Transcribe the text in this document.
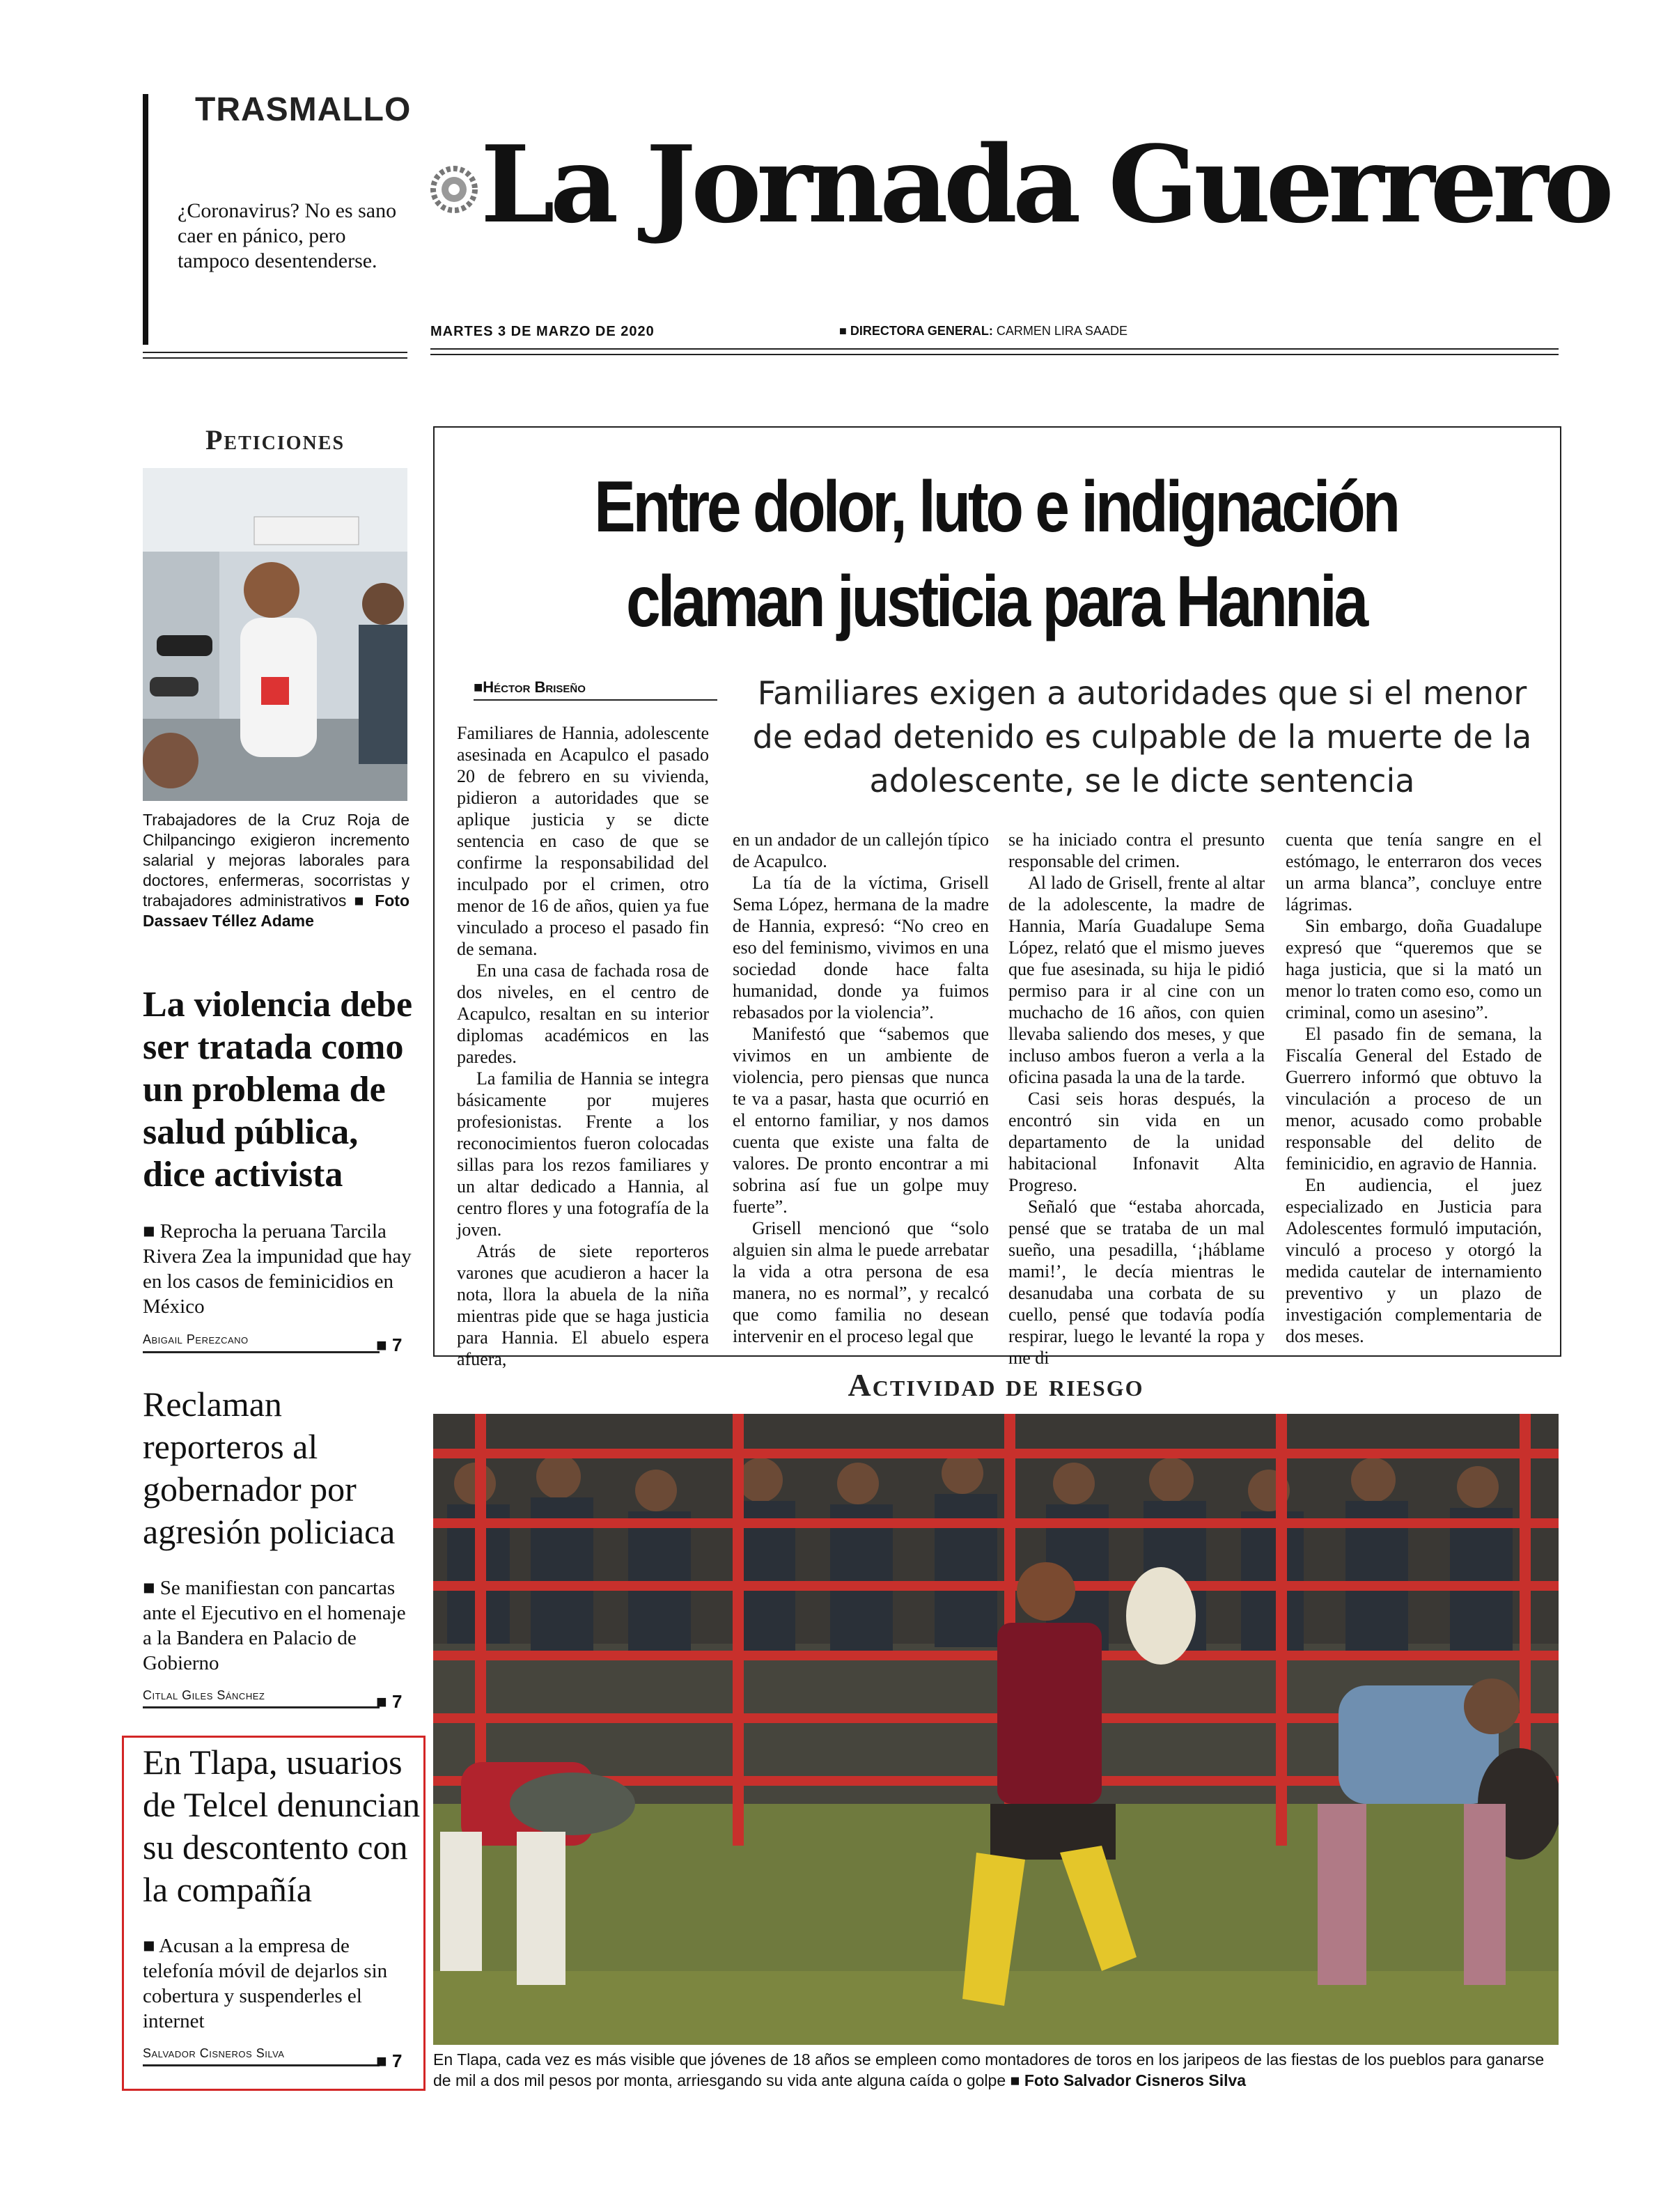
TRASMALLO
¿Coronavirus? No es sano caer en pánico, pero tampoco desentenderse.
La Jornada Guerrero
MARTES 3 DE MARZO DE 2020	■ DIRECTORA GENERAL: CARMEN LIRA SAADE
Peticiones
Trabajadores de la Cruz Roja de Chilpancingo exigieron incremento salarial y mejoras laborales para doctores, enfermeras, socorristas y trabajadores administrativos ■ Foto Dassaev Téllez Adame
La violencia debe ser tratada como un problema de salud pública, dice activista
■ Reprocha la peruana Tarcila Rivera Zea la impunidad que hay en los casos de feminicidios en México
Abigail Perezcano	■ 7
Reclaman reporteros al gobernador por agresión policiaca
■ Se manifiestan con pancartas ante el Ejecutivo en el homenaje a la Bandera en Palacio de Gobierno
Citlal Giles Sánchez	■ 7
En Tlapa, usuarios de Telcel denuncian su descontento con la compañía
■ Acusan a la empresa de telefonía móvil de dejarlos sin cobertura y suspenderles el internet
Salvador Cisneros Silva	■ 7
Entre dolor, luto e indignación claman justicia para Hannia
■Héctor Briseño	Familiares exigen a autoridades que si el menor de edad detenido es culpable de la muerte de la adolescente, se le dicte sentencia

Familiares de Hannia, adolescente asesinada en Acapulco el pasado 20 de febrero en su vivienda, pidieron a autoridades que se aplique justicia y se dicte sentencia en caso de que se confirme la responsabilidad del inculpado por el crimen, otro menor de 16 de años, quien ya fue vinculado a proceso el pasado fin de semana.

En una casa de fachada rosa de dos niveles, en el centro de Acapulco, resaltan en su interior diplomas académicos en las paredes.

La familia de Hannia se integra básicamente por mujeres profesionistas. Frente a los reconocimientos fueron colocadas sillas para los rezos familiares y un altar dedicado a Hannia, al centro flores y una fotografía de la joven.

Atrás de siete reporteros varones que acudieron a hacer la nota, llora la abuela de la niña mientras pide que se haga justicia para Hannia. El abuelo espera afuera,

en un andador de un callejón típico de Acapulco.

La tía de la víctima, Grisell Sema López, hermana de la madre de Hannia, expresó: “No creo en eso del feminismo, vivimos en una sociedad donde hace falta humanidad, donde ya fuimos rebasados por la violencia”.

Manifestó que “sabemos que vivimos en un ambiente de violencia, pero piensas que nunca te va a pasar, hasta que ocurrió en el entorno familiar, y nos damos cuenta que existe una falta de valores. De pronto encontrar a mi sobrina así fue un golpe muy fuerte”.

Grisell mencionó que “solo alguien sin alma le puede arrebatar la vida a otra persona de esa manera, no es normal”, y recalcó que como familia no desean intervenir en el proceso legal que

se ha iniciado contra el presunto responsable del crimen.

Al lado de Grisell, frente al altar de la adolescente, la madre de Hannia, María Guadalupe Sema López, relató que el mismo jueves que fue asesinada, su hija le pidió permiso para ir al cine con un muchacho de 16 años, con quien llevaba saliendo dos meses, y que incluso ambos fueron a verla a la oficina pasada la una de la tarde.

Casi seis horas después, la encontró sin vida en un departamento de la unidad habitacional Infonavit Alta Progreso.

Señaló que “estaba ahorcada, pensé que se trataba de un mal sueño, una pesadilla, ‘¡háblame mami!’, le decía mientras le desanudaba una corbata de su cuello, pensé que todavía podía respirar, luego le levanté la ropa y me di

cuenta que tenía sangre en el estómago, le enterraron dos veces un arma blanca”, concluye entre lágrimas.

Sin embargo, doña Guadalupe expresó que “queremos que se haga justicia, que si la mató un menor lo traten como eso, como un criminal, como un asesino”.

El pasado fin de semana, la Fiscalía General del Estado de Guerrero informó que obtuvo la vinculación a proceso de un menor, acusado como probable responsable del delito de feminicidio, en agravio de Hannia.

En audiencia, el juez especializado en Justicia para Adolescentes formuló imputación, vinculó a proceso y otorgó la medida cautelar de internamiento preventivo y un plazo de investigación complementaria de dos meses.

Actividad de riesgo
En Tlapa, cada vez es más visible que jóvenes de 18 años se empleen como montadores de toros en los jaripeos de las fiestas de los pueblos para ganarse de mil a dos mil pesos por monta, arriesgando su vida ante alguna caída o golpe ■ Foto Salvador Cisneros Silva
